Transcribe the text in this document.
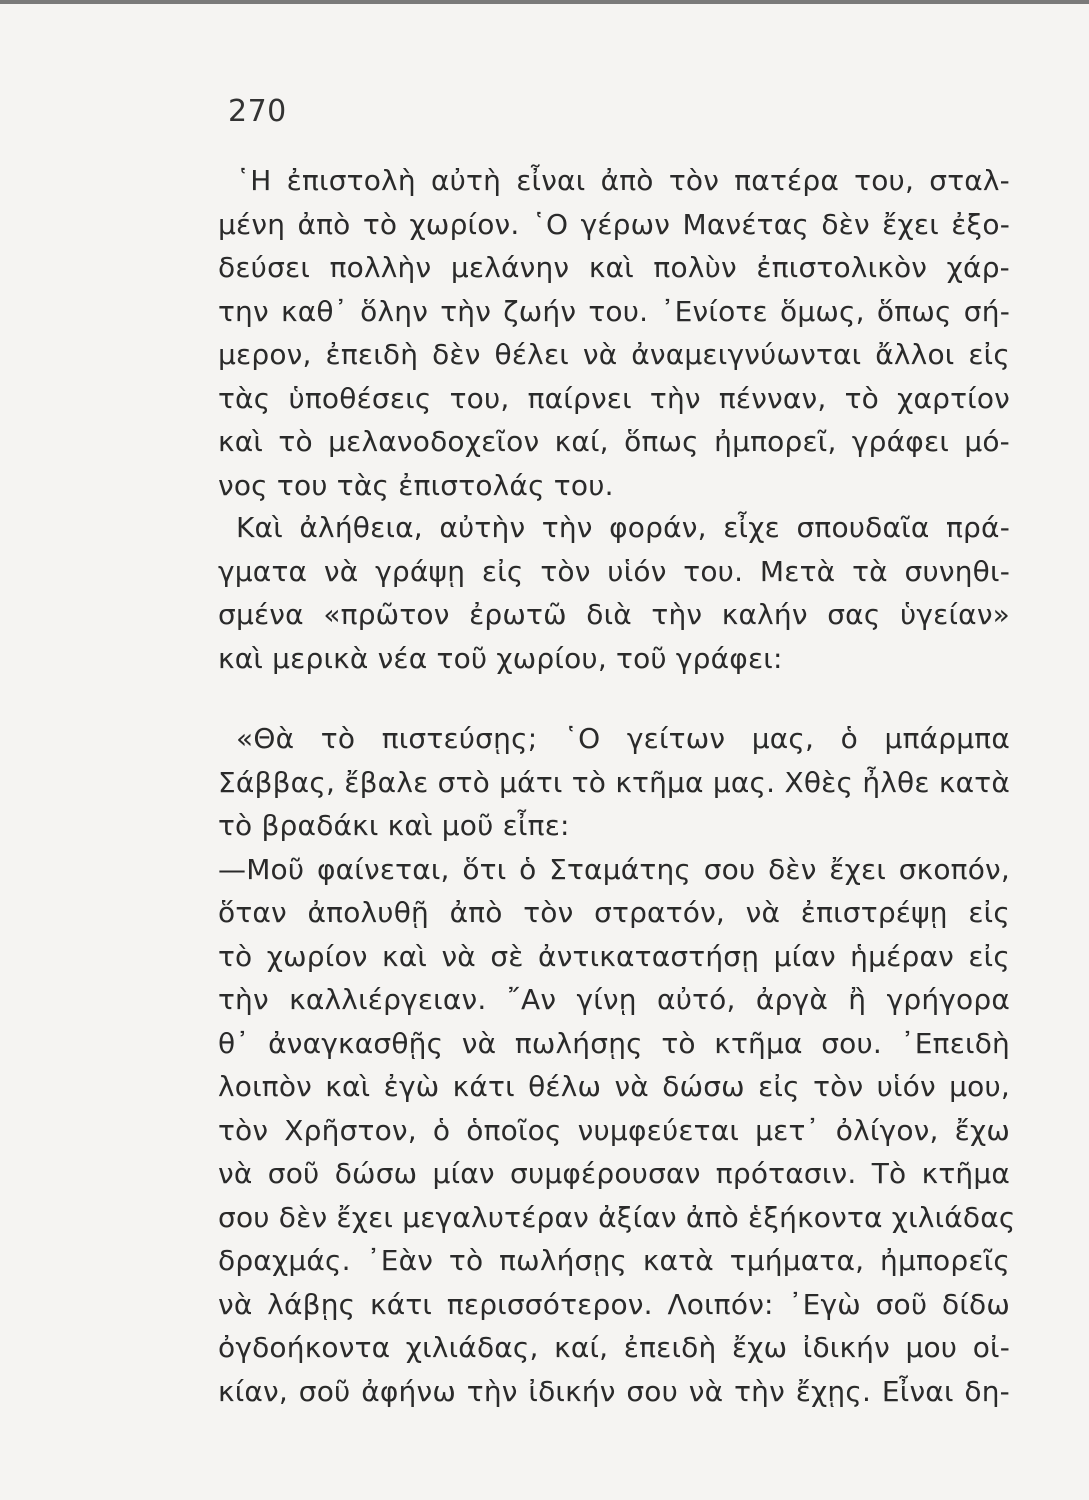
270
῾Η ἐπιστολὴ αὐτὴ εἶναι ἀπὸ τὸν πατέρα του, σταλ-
μένη ἀπὸ τὸ χωρίον. ῾Ο γέρων Μανέτας δὲν ἔχει ἐξο-
δεύσει πολλὴν μελάνην καὶ πολὺν ἐπιστολικὸν χάρ-
την καθ᾽ ὅλην τὴν ζωήν του. ᾽Ενίοτε ὅμως, ὅπως σή-
μερον, ἐπειδὴ δὲν θέλει νὰ ἀναμειγνύωνται ἄλλοι εἰς
τὰς ὑποθέσεις του, παίρνει τὴν πένναν, τὸ χαρτίον
καὶ τὸ μελανοδοχεῖον καί, ὅπως ἠμπορεῖ, γράφει μό-
νος του τὰς ἐπιστολάς του.
Καὶ ἀλήθεια, αὐτὴν τὴν φοράν, εἶχε σπουδαῖα πρά-
γματα νὰ γράψῃ εἰς τὸν υἱόν του. Μετὰ τὰ συνηθι-
σμένα «πρῶτον ἐρωτῶ διὰ τὴν καλήν σας ὑγείαν»
καὶ μερικὰ νέα τοῦ χωρίου, τοῦ γράφει:
«Θὰ τὸ πιστεύσῃς; ῾Ο γείτων μας, ὁ μπάρμπα
Σάββας, ἔβαλε στὸ μάτι τὸ κτῆμα μας. Χθὲς ἦλθε κατὰ
τὸ βραδάκι καὶ μοῦ εἶπε:
—Μοῦ φαίνεται, ὅτι ὁ Σταμάτης σου δὲν ἔχει σκοπόν,
ὅταν ἀπολυθῇ ἀπὸ τὸν στρατόν, νὰ ἐπιστρέψῃ εἰς
τὸ χωρίον καὶ νὰ σὲ ἀντικαταστήσῃ μίαν ἡμέραν εἰς
τὴν καλλιέργειαν. ῎Αν γίνῃ αὐτό, ἀργὰ ἢ γρήγορα
θ᾽ ἀναγκασθῇς νὰ πωλήσῃς τὸ κτῆμα σου. ᾽Επειδὴ
λοιπὸν καὶ ἐγὼ κάτι θέλω νὰ δώσω εἰς τὸν υἱόν μου,
τὸν Χρῆστον, ὁ ὁποῖος νυμφεύεται μετ᾽ ὀλίγον, ἔχω
νὰ σοῦ δώσω μίαν συμφέρουσαν πρότασιν. Τὸ κτῆμα
σου δὲν ἔχει μεγαλυτέραν ἀξίαν ἀπὸ ἑξήκοντα χιλιάδας
δραχμάς. ᾽Εὰν τὸ πωλήσῃς κατὰ τμήματα, ἠμπορεῖς
νὰ λάβῃς κάτι περισσότερον. Λοιπόν: ᾽Εγὼ σοῦ δίδω
ὀγδοήκοντα χιλιάδας, καί, ἐπειδὴ ἔχω ἰδικήν μου οἰ-
κίαν, σοῦ ἀφήνω τὴν ἰδικήν σου νὰ τὴν ἔχῃς. Εἶναι δη-
